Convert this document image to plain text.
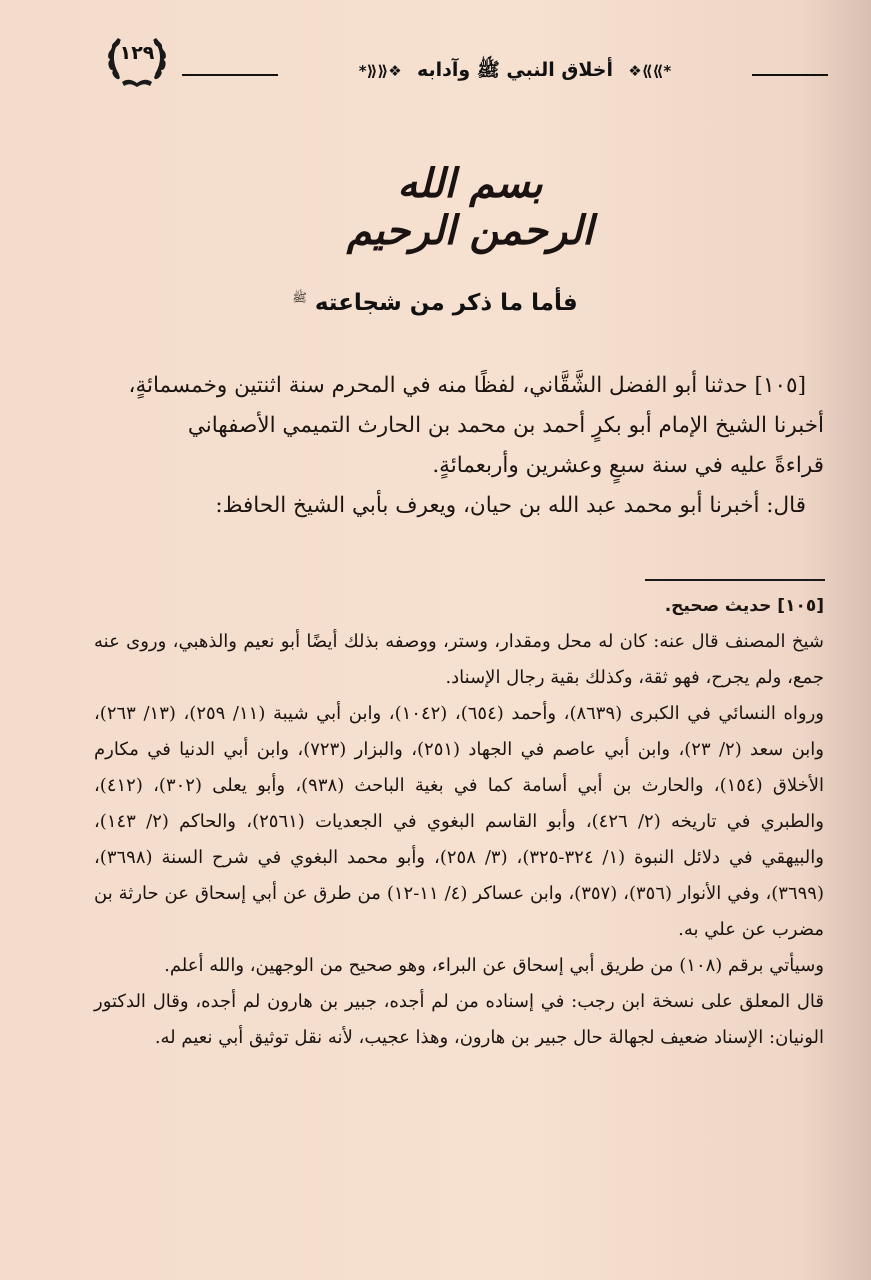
١٢٩
*⟫⟫❖   أخلاق النبي ﷺ وآدابه   ❖⟪⟪*
بسم الله الرحمن الرحيم
فأما ما ذكر من شجاعته $^ﷺ$

[١٠٥] حدثنا أبو الفضل الشَّقَّاني، لفظًا منه في المحرم سنة اثنتين وخمسمائةٍ،

أخبرنا الشيخ الإمام أبو بكرٍ أحمد بن محمد بن الحارث التميمي الأصفهاني

قراءةً عليه في سنة سبعٍ وعشرين وأربعمائةٍ.

قال: أخبرنا أبو محمد عبد الله بن حيان، ويعرف بأبي الشيخ الحافظ:

[١٠٥] حديث صحيح.

شيخ المصنف قال عنه: كان له محل ومقدار، وستر، ووصفه بذلك أيضًا أبو نعيم والذهبي، وروى عنه جمع، ولم يجرح، فهو ثقة، وكذلك بقية رجال الإسناد.

ورواه النسائي في الكبرى (٨٦٣٩)، وأحمد (٦٥٤)، (١٠٤٢)، وابن أبي شيبة (١١/ ٢٥٩)، (١٣/ ٢٦٣)، وابن سعد (٢/ ٢٣)، وابن أبي عاصم في الجهاد (٢٥١)، والبزار (٧٢٣)، وابن أبي الدنيا في مكارم الأخلاق (١٥٤)، والحارث بن أبي أسامة كما في بغية الباحث (٩٣٨)، وأبو يعلى (٣٠٢)، (٤١٢)، والطبري في تاريخه (٢/ ٤٢٦)، وأبو القاسم البغوي في الجعديات (٢٥٦١)، والحاكم (٢/ ١٤٣)، والبيهقي في دلائل النبوة (١/ ٣٢٤-٣٢٥)، (٣/ ٢٥٨)، وأبو محمد البغوي في شرح السنة (٣٦٩٨)، (٣٦٩٩)، وفي الأنوار (٣٥٦)، (٣٥٧)، وابن عساكر (٤/ ١١-١٢) من طرق عن أبي إسحاق عن حارثة بن مضرب عن علي به.

وسيأتي برقم (١٠٨) من طريق أبي إسحاق عن البراء، وهو صحيح من الوجهين، والله أعلم.

قال المعلق على نسخة ابن رجب: في إسناده من لم أجده، جبير بن هارون لم أجده، وقال الدكتور الونيان: الإسناد ضعيف لجهالة حال جبير بن هارون، وهذا عجيب، لأنه نقل توثيق أبي نعيم له.
